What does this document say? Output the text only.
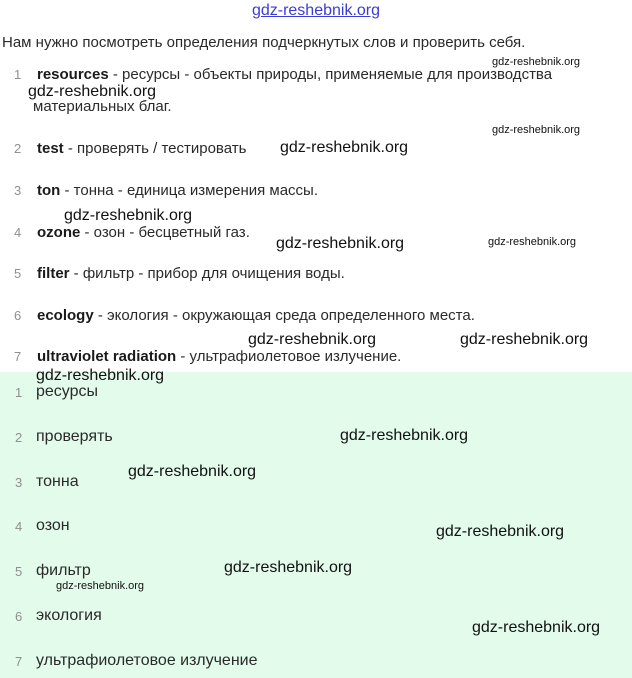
gdz-reshebnik.org
Нам нужно посмотреть определения подчеркнутых слов и проверить себя.
1 resources - ресурсы - объекты природы, применяемые для производства
материальных благ.
2 test - проверять / тестировать
3 ton - тонна - единица измерения массы.
4 ozone - озон - бесцветный газ.
5 filter - фильтр - прибор для очищения воды.
6 ecology - экология - окружающая среда определенного места.
7 ultraviolet radiation - ультрафиолетовое излучение.
1 ресурсы
2 проверять
3 тонна
4 озон
5 фильтр
6 экология
7 ультрафиолетовое излучение
gdz-reshebnik.org
gdz-reshebnik.org
gdz-reshebnik.org
gdz-reshebnik.org
gdz-reshebnik.org
gdz-reshebnik.org	gdz-reshebnik.org
gdz-reshebnik.org	gdz-reshebnik.org
gdz-reshebnik.org
gdz-reshebnik.org
gdz-reshebnik.org
gdz-reshebnik.org
gdz-reshebnik.org
gdz-reshebnik.org
gdz-reshebnik.org
